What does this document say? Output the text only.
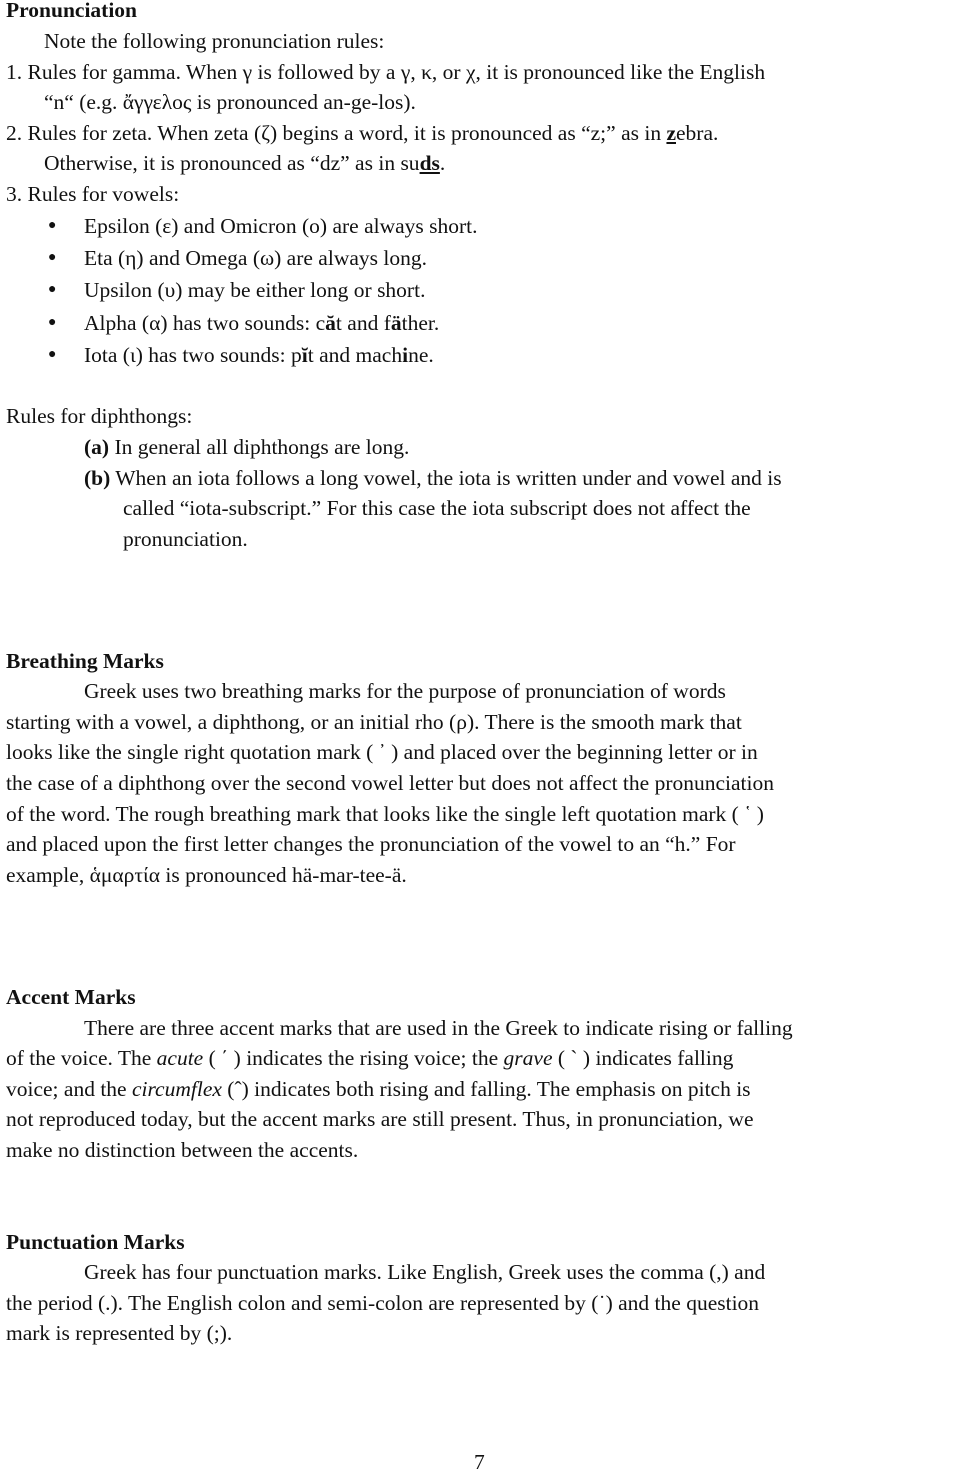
Pronunciation
Note the following pronunciation rules:
1. Rules for gamma. When γ is followed by a γ, κ, or χ, it is pronounced like the English
“n“ (e.g. ἄγγελος is pronounced an-ge-los).
2. Rules for zeta. When zeta (ζ) begins a word, it is pronounced as “z;” as in zebra.
Otherwise, it is pronounced as “dz” as in suds.
3. Rules for vowels:
● Epsilon (ε) and Omicron (ο) are always short.
● Eta (η) and Omega (ω) are always long.
● Upsilon (υ) may be either long or short.
● Alpha (α) has two sounds: căt and fäther.
● Iota (ι) has two sounds: pĭt and machine.
Rules for diphthongs:
(a) In general all diphthongs are long.
(b) When an iota follows a long vowel, the iota is written under and vowel and is
called “iota-subscript.” For this case the iota subscript does not affect the
pronunciation.
Breathing Marks
Greek uses two breathing marks for the purpose of pronunciation of words
starting with a vowel, a diphthong, or an initial rho (ρ). There is the smooth mark that
looks like the single right quotation mark ( ᾿ ) and placed over the beginning letter or in
the case of a diphthong over the second vowel letter but does not affect the pronunciation
of the word. The rough breathing mark that looks like the single left quotation mark ( ῾ )
and placed upon the first letter changes the pronunciation of the vowel to an “h.” For
example, ἁμαρτία is pronounced hä-mar-tee-ä.
Accent Marks
There are three accent marks that are used in the Greek to indicate rising or falling
of the voice. The acute ( ΄ ) indicates the rising voice; the grave ( ` ) indicates falling
voice; and the circumflex (ˆ) indicates both rising and falling. The emphasis on pitch is
not reproduced today, but the accent marks are still present. Thus, in pronunciation, we
make no distinction between the accents.
Punctuation Marks
Greek has four punctuation marks. Like English, Greek uses the comma (,) and
the period (.). The English colon and semi-colon are represented by (˙) and the question
mark is represented by (;).
7
